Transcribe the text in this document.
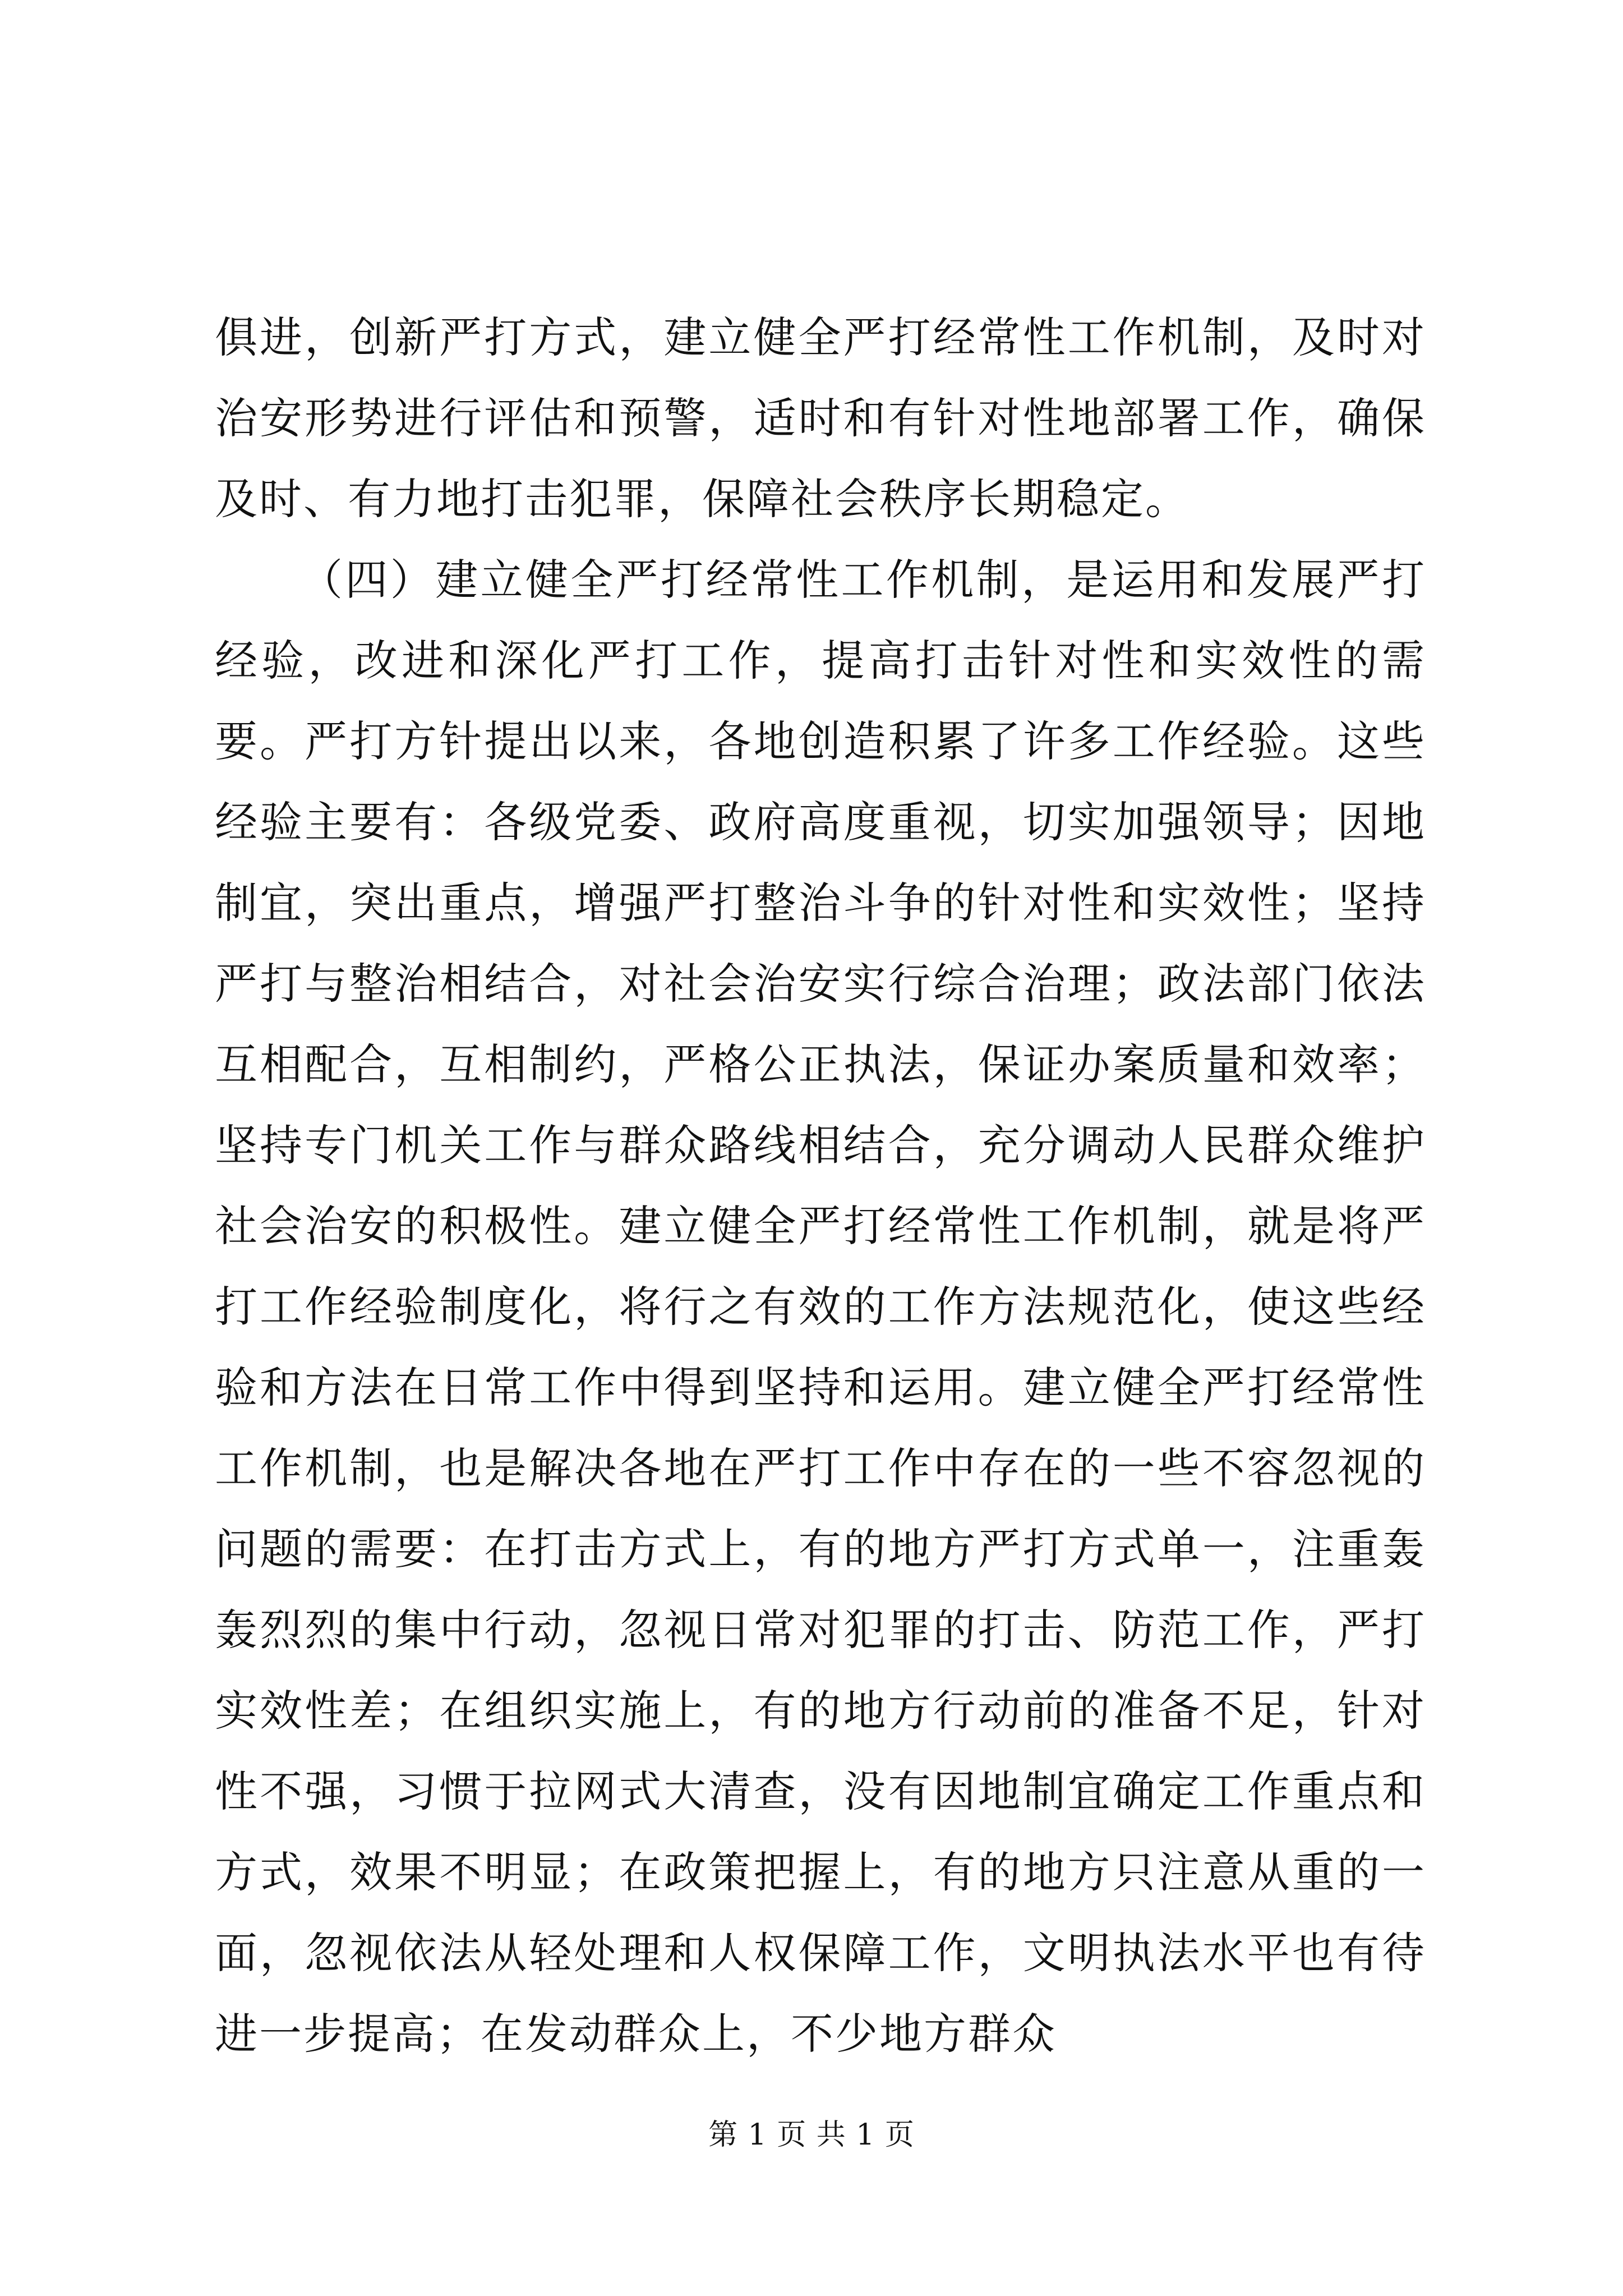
俱进，创新严打方式，建立健全严打经常性工作机制，及时对治安形势进行评估和预警，适时和有针对性地部署工作，确保及时、有力地打击犯罪，保障社会秩序长期稳定。

（四）建立健全严打经常性工作机制，是运用和发展严打经验，改进和深化严打工作，提高打击针对性和实效性的需要。严打方针提出以来，各地创造积累了许多工作经验。这些经验主要有：各级党委、政府高度重视，切实加强领导；因地制宜，突出重点，增强严打整治斗争的针对性和实效性；坚持严打与整治相结合，对社会治安实行综合治理；政法部门依法互相配合，互相制约，严格公正执法，保证办案质量和效率；坚持专门机关工作与群众路线相结合，充分调动人民群众维护社会治安的积极性。建立健全严打经常性工作机制，就是将严打工作经验制度化，将行之有效的工作方法规范化，使这些经验和方法在日常工作中得到坚持和运用。建立健全严打经常性工作机制，也是解决各地在严打工作中存在的一些不容忽视的问题的需要：在打击方式上，有的地方严打方式单一，注重轰轰烈烈的集中行动，忽视日常对犯罪的打击、防范工作，严打实效性差；在组织实施上，有的地方行动前的准备不足，针对性不强，习惯于拉网式大清查，没有因地制宜确定工作重点和方式，效果不明显；在政策把握上，有的地方只注意从重的一面，忽视依法从轻处理和人权保障工作，文明执法水平也有待进一步提高；在发动群众上，不少地方群众

第 1 页 共 1 页
